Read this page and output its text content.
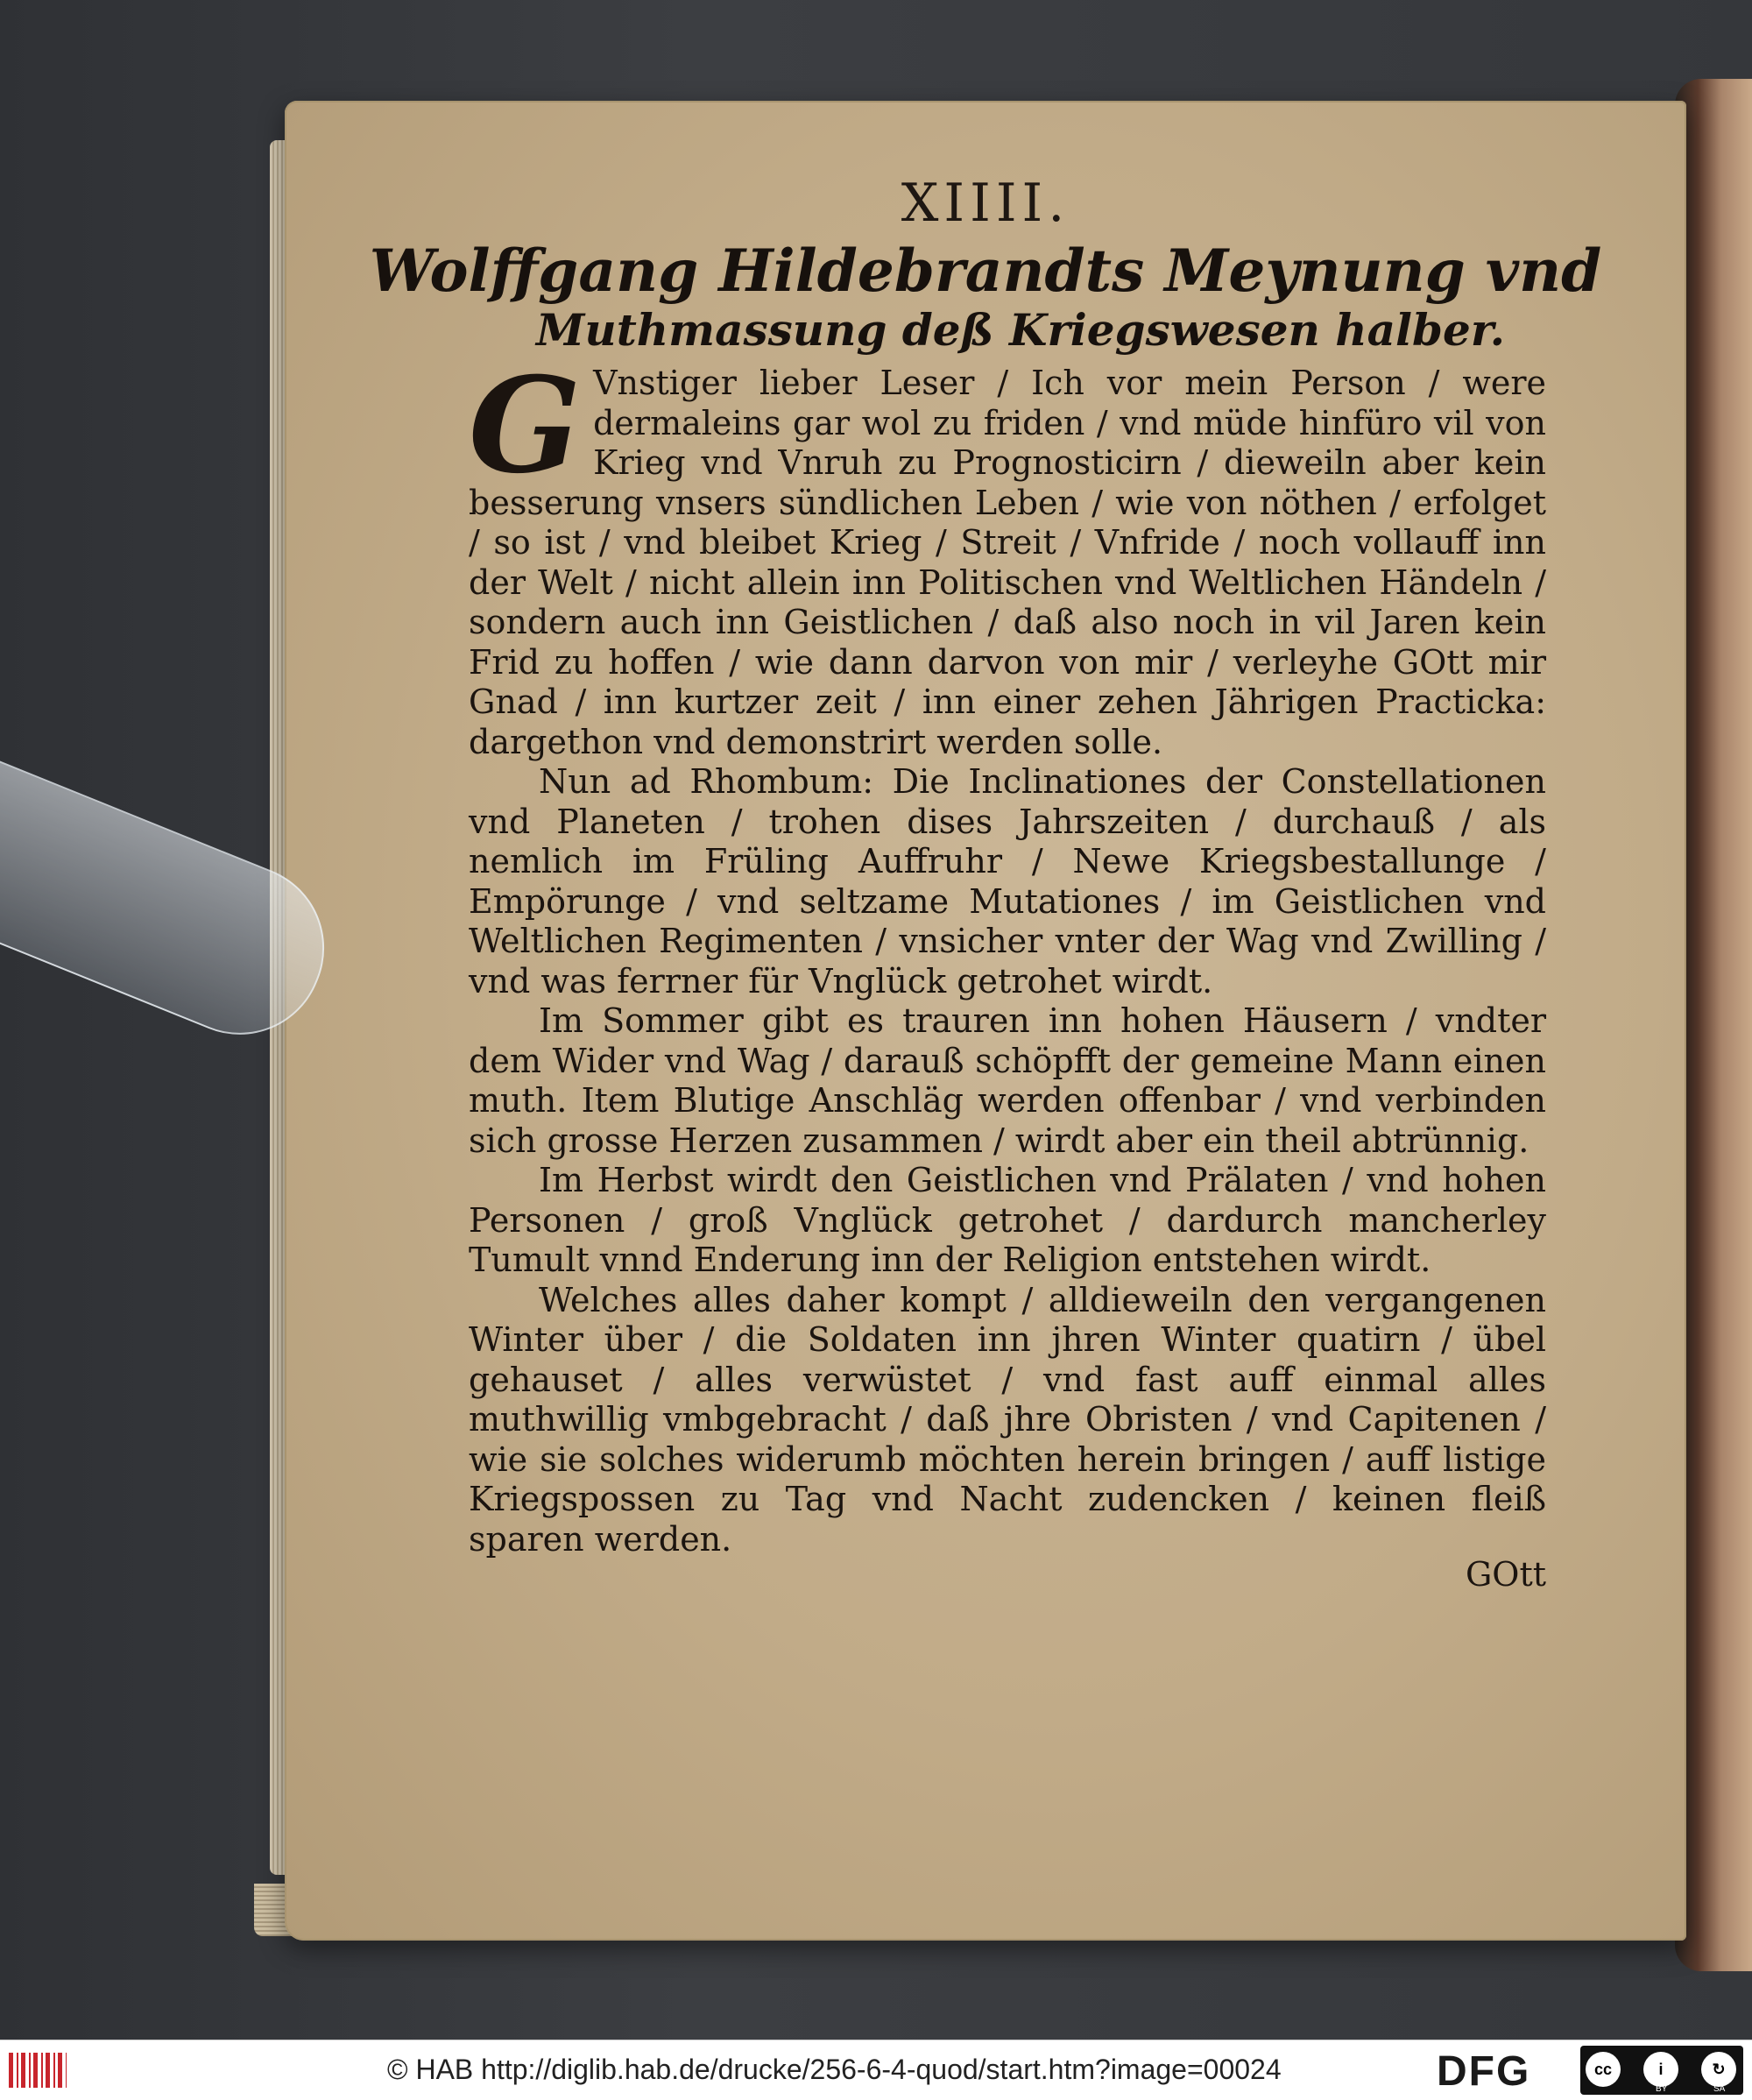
XIIII.
Wolffgang Hildebrandts Meynung vnd
Muthmassung deß Kriegswesen halber.

G Vnstiger lieber Leser / Ich vor mein Person / were dermaleins gar wol zu friden / vnd müde hinfüro vil von Krieg vnd Vnruh zu Prognosticirn / dieweiln aber kein besserung vnsers sündlichen Leben / wie von nöthen / erfolget / so ist / vnd bleibet Krieg / Streit / Vnfride / noch vollauff inn der Welt / nicht allein inn Politischen vnd Weltlichen Händeln / sondern auch inn Geistlichen / daß also noch in vil Jaren kein Frid zu hoffen / wie dann darvon von mir / verleyhe GOtt mir Gnad / inn kurtzer zeit / inn einer zehen Jährigen Practicka: dargethon vnd demonstrirt werden solle.

Nun ad Rhombum: Die Inclinationes der Constellationen vnd Planeten / trohen dises Jahrszeiten / durchauß / als nemlich im Früling Auffruhr / Newe Kriegsbestallunge / Empörunge / vnd seltzame Mutationes / im Geistlichen vnd Weltlichen Regimenten / vnsicher vnter der Wag vnd Zwilling / vnd was ferrner für Vnglück getrohet wirdt.

Im Sommer gibt es trauren inn hohen Häusern / vndter dem Wider vnd Wag / darauß schöpfft der gemeine Mann einen muth. Item Blutige Anschläg werden offenbar / vnd verbinden sich grosse Herzen zusammen / wirdt aber ein theil abtrünnig.

Im Herbst wirdt den Geistlichen vnd Prälaten / vnd hohen Personen / groß Vnglück getrohet / dardurch mancherley Tumult vnnd Enderung inn der Religion entstehen wirdt.

Welches alles daher kompt / alldieweiln den vergangenen Winter über / die Soldaten inn jhren Winter quatirn / übel gehauset / alles verwüstet / vnd fast auff einmal alles muthwillig vmbgebracht / daß jhre Obristen / vnd Capitenen / wie sie solches widerumb möchten herein bringen / auff listige Kriegspossen zu Tag vnd Nacht zudencken / keinen fleiß sparen werden.

GOtt
© HAB http://diglib.hab.de/drucke/256-6-4-quod/start.htm?image=00024	DFG	cc	i	↻
BY	SA
